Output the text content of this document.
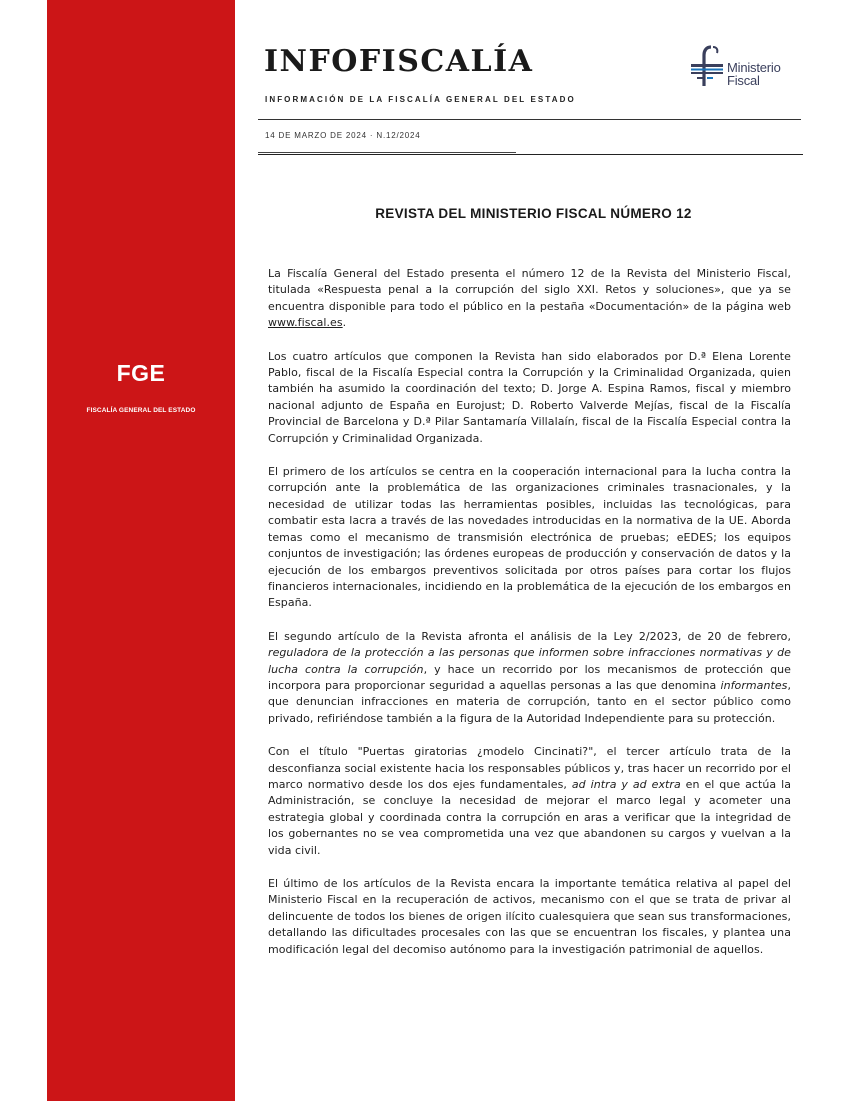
FGE
FISCALÍA GENERAL DEL ESTADO
INFOFISCALÍA
INFORMACIÓN DE LA FISCALÍA GENERAL DEL ESTADO
14 DE MARZO DE 2024 · N.12/2024
Ministerio
Fiscal
REVISTA DEL MINISTERIO FISCAL NÚMERO 12

La Fiscalía General del Estado presenta el número 12 de la Revista del Ministerio Fiscal, titulada «Respuesta penal a la corrupción del siglo XXI. Retos y soluciones», que ya se encuentra disponible para todo el público en la pestaña «Documentación» de la página web www.fiscal.es.

Los cuatro artículos que componen la Revista han sido elaborados por D.ª Elena Lorente Pablo, fiscal de la Fiscalía Especial contra la Corrupción y la Criminalidad Organizada, quien también ha asumido la coordinación del texto; D. Jorge A. Espina Ramos, fiscal y miembro nacional adjunto de España en Eurojust; D. Roberto Valverde Mejías, fiscal de la Fiscalía Provincial de Barcelona y D.ª Pilar Santamaría Villalaín, fiscal de la Fiscalía Especial contra la Corrupción y Criminalidad Organizada.

El primero de los artículos se centra en la cooperación internacional para la lucha contra la corrupción ante la problemática de las organizaciones criminales trasnacionales, y la necesidad de utilizar todas las herramientas posibles, incluidas las tecnológicas, para combatir esta lacra a través de las novedades introducidas en la normativa de la UE. Aborda temas como el mecanismo de transmisión electrónica de pruebas; eEDES; los equipos conjuntos de investigación; las órdenes europeas de producción y conservación de datos y la ejecución de los embargos preventivos solicitada por otros países para cortar los flujos financieros internacionales, incidiendo en la problemática de la ejecución de los embargos en España.

El segundo artículo de la Revista afronta el análisis de la Ley 2/2023, de 20 de febrero, reguladora de la protección a las personas que informen sobre infracciones normativas y de lucha contra la corrupción, y hace un recorrido por los mecanismos de protección que incorpora para proporcionar seguridad a aquellas personas a las que denomina informantes, que denuncian infracciones en materia de corrupción, tanto en el sector público como privado, refiriéndose también a la figura de la Autoridad Independiente para su protección.

Con el título "Puertas giratorias ¿modelo Cincinati?", el tercer artículo trata de la desconfianza social existente hacia los responsables públicos y, tras hacer un recorrido por el marco normativo desde los dos ejes fundamentales, ad intra y ad extra en el que actúa la Administración, se concluye la necesidad de mejorar el marco legal y acometer una estrategia global y coordinada contra la corrupción en aras a verificar que la integridad de los gobernantes no se vea comprometida una vez que abandonen su cargos y vuelvan a la vida civil.

El último de los artículos de la Revista encara la importante temática relativa al papel del Ministerio Fiscal en la recuperación de activos, mecanismo con el que se trata de privar al delincuente de todos los bienes de origen ilícito cualesquiera que sean sus transformaciones, detallando las dificultades procesales con las que se encuentran los fiscales, y plantea una modificación legal del decomiso autónomo para la investigación patrimonial de aquellos.
